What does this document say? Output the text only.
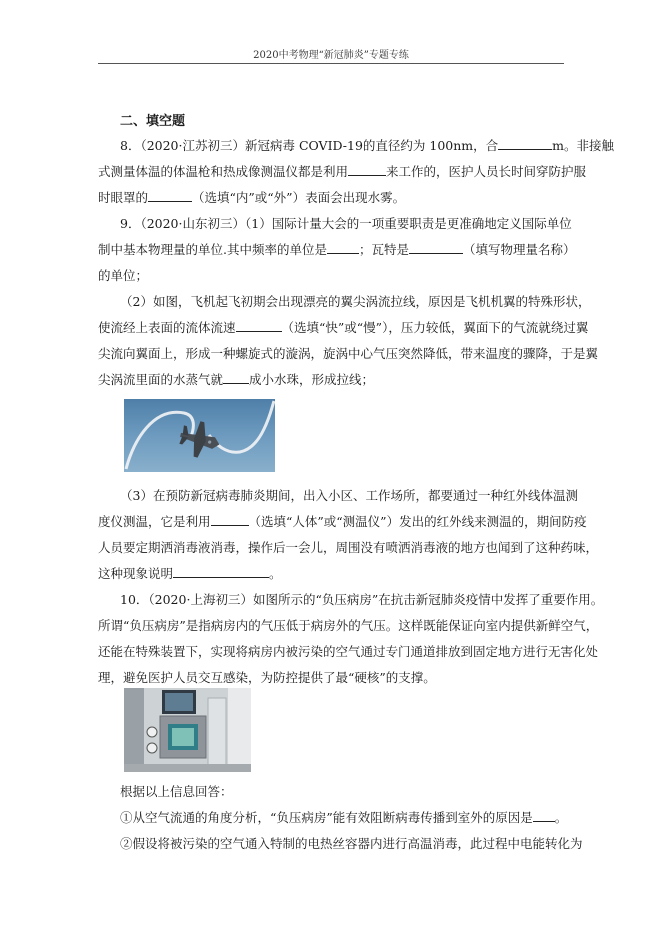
2020中考物理“新冠肺炎”专题专练
二、填空题
8．（2020·江苏初三）新冠病毒 COVID-19的直径约为 100nm，合	m。非接触
式测量体温的体温枪和热成像测温仪都是利用	来工作的，医护人员长时间穿防护服
时眼罩的	（选填“内”或“外”）表面会出现水雾。
9．（2020·山东初三）（1）国际计量大会的一项重要职责是更准确地定义国际单位
制中基本物理量的单位.其中频率的单位是	；瓦特是	（填写物理量名称）
的单位；
（2）如图，飞机起飞初期会出现漂亮的翼尖涡流拉线，原因是飞机机翼的特殊形状，
使流经上表面的流体流速	（选填“快”或“慢”），压力较低，翼面下的气流就绕过翼
尖流向翼面上，形成一种螺旋式的漩涡，旋涡中心气压突然降低，带来温度的骤降，于是翼
尖涡流里面的水蒸气就 成小水珠，形成拉线；
（3）在预防新冠病毒肺炎期间，出入小区、工作场所，都要通过一种红外线体温测
度仪测温，它是利用	（选填“人体”或“测温仪”）发出的红外线来测温的，期间防疫
人员要定期洒消毒液消毒，操作后一会儿，周围没有喷洒消毒液的地方也闻到了这种药味，
这种现象说明	。
10．（2020·上海初三）如图所示的“负压病房”在抗击新冠肺炎疫情中发挥了重要作用。
所谓“负压病房”是指病房内的气压低于病房外的气压。这样既能保证向室内提供新鲜空气，
还能在特殊装置下，实现将病房内被污染的空气通过专门通道排放到固定地方进行无害化处
理，避免医护人员交互感染，为防控提供了最“硬核”的支撑。
根据以上信息回答：
①从空气流通的角度分析，“负压病房”能有效阻断病毒传播到室外的原因是 。
②假设将被污染的空气通入特制的电热丝容器内进行高温消毒，此过程中电能转化为
